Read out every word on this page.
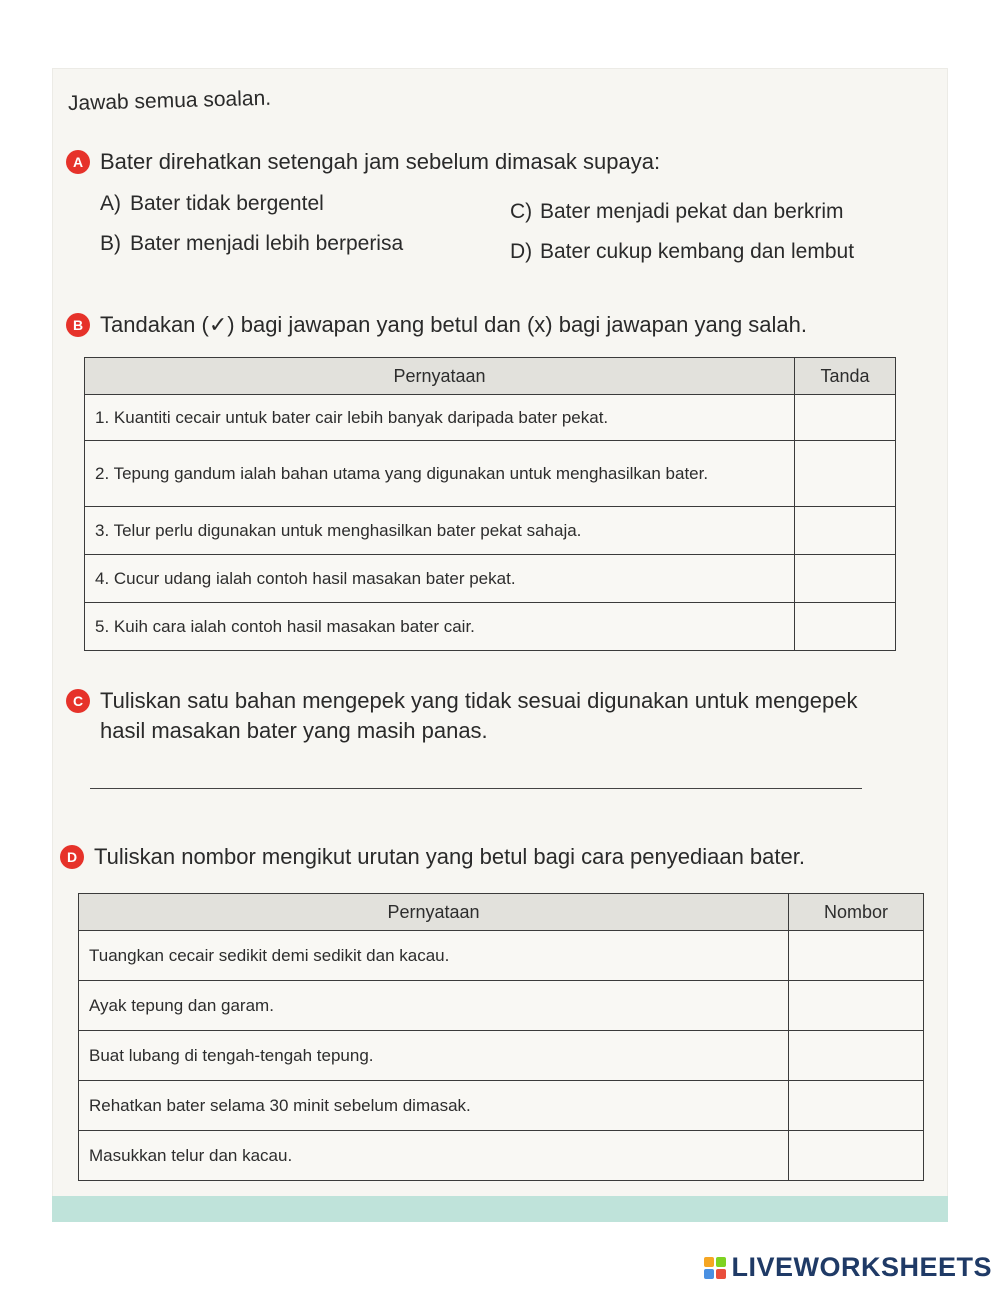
Jawab semua soalan.
A Bater direhatkan setengah jam sebelum dimasak supaya:
A) Bater tidak bergentel
B) Bater menjadi lebih berperisa
C) Bater menjadi pekat dan berkrim
D) Bater cukup kembang dan lembut
B Tandakan (✓) bagi jawapan yang betul dan (x) bagi jawapan yang salah.
Pernyataan	Tanda
1. Kuantiti cecair untuk bater cair lebih banyak daripada bater pekat.	
2. Tepung gandum ialah bahan utama yang digunakan untuk menghasilkan bater.	
3. Telur perlu digunakan untuk menghasilkan bater pekat sahaja.	
4. Cucur udang ialah contoh hasil masakan bater pekat.	
5. Kuih cara ialah contoh hasil masakan bater cair.	
C Tuliskan satu bahan mengepek yang tidak sesuai digunakan untuk mengepek hasil masakan bater yang masih panas.
D Tuliskan nombor mengikut urutan yang betul bagi cara penyediaan bater.
Pernyataan	Nombor
Tuangkan cecair sedikit demi sedikit dan kacau.	
Ayak tepung dan garam.	
Buat lubang di tengah-tengah tepung.	
Rehatkan bater selama 30 minit sebelum dimasak.	
Masukkan telur dan kacau.	
LIVEWORKSHEETS
